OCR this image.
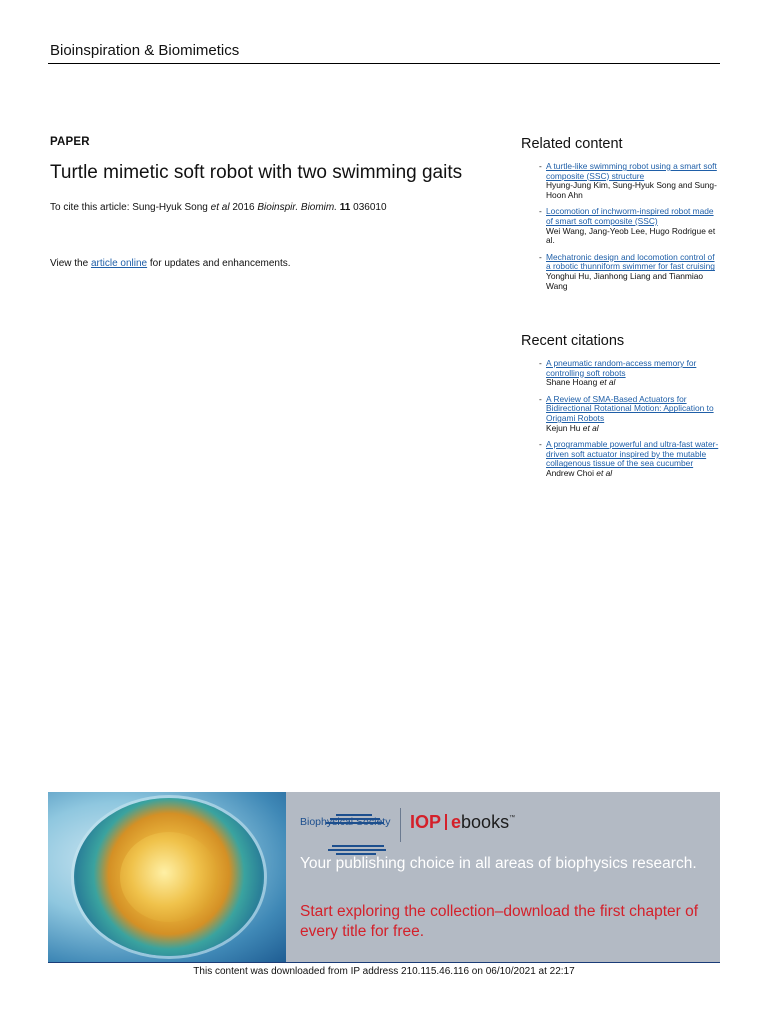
Bioinspiration & Biomimetics
PAPER
Turtle mimetic soft robot with two swimming gaits
To cite this article: Sung-Hyuk Song et al 2016 Bioinspir. Biomim. 11 036010
View the article online for updates and enhancements.
Related content
- A turtle-like swimming robot using a smart soft composite (SSC) structure
Hyung-Jung Kim, Sung-Hyuk Song and Sung-Hoon Ahn
- Locomotion of inchworm-inspired robot made of smart soft composite (SSC)
Wei Wang, Jang-Yeob Lee, Hugo Rodrigue et al.
- Mechatronic design and locomotion control of a robotic thunniform swimmer for fast cruising
Yonghui Hu, Jianhong Liang and Tianmiao Wang
Recent citations
- A pneumatic random-access memory for controlling soft robots
Shane Hoang et al
- A Review of SMA-Based Actuators for Bidirectional Rotational Motion: Application to Origami Robots
Kejun Hu et al
- A programmable powerful and ultra-fast water-driven soft actuator inspired by the mutable collagenous tissue of the sea cucumber
Andrew Choi et al
Biophysical Society IOP ebooks™
Your publishing choice in all areas of biophysics research.
Start exploring the collection–download the first chapter of every title for free.
This content was downloaded from IP address 210.115.46.116 on 06/10/2021 at 22:17
